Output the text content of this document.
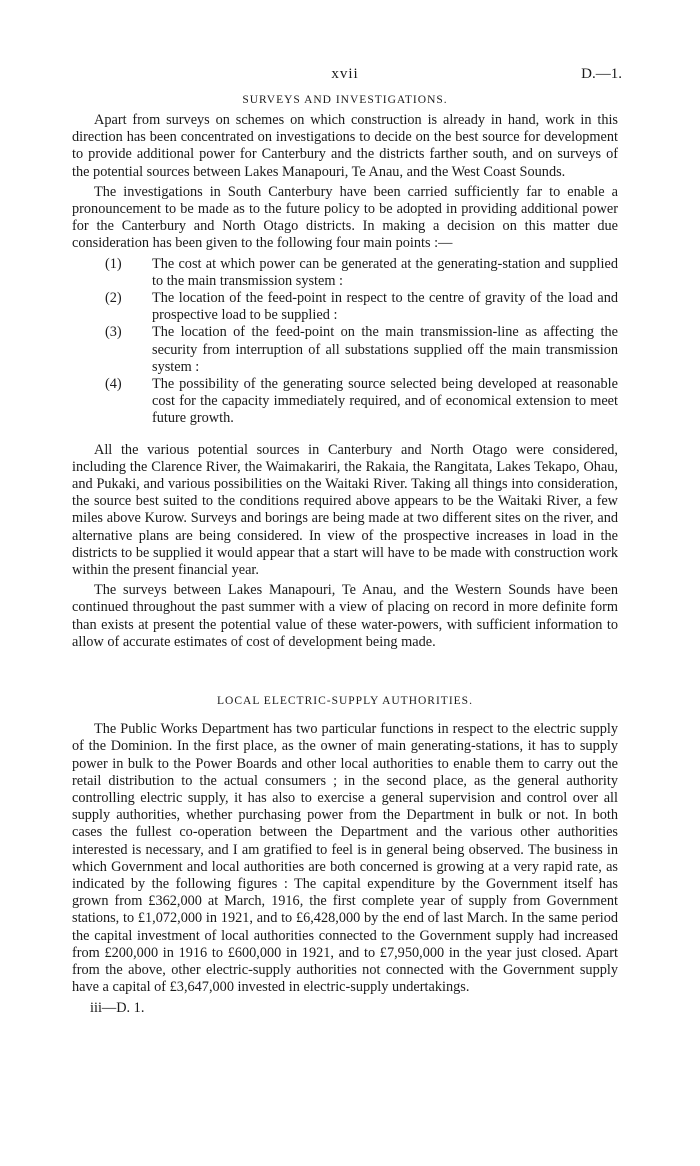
xvii	D.—1.
SURVEYS AND INVESTIGATIONS.

Apart from surveys on schemes on which construction is already in hand, work in this direction has been concentrated on investigations to decide on the best source for development to provide additional power for Canterbury and the districts farther south, and on surveys of the potential sources between Lakes Manapouri, Te Anau, and the West Coast Sounds.

The investigations in South Canterbury have been carried sufficiently far to enable a pronouncement to be made as to the future policy to be adopted in providing additional power for the Canterbury and North Otago districts. In making a decision on this matter due consideration has been given to the following four main points :—

(1) The cost at which power can be generated at the generating-station and supplied to the main transmission system :
(2) The location of the feed-point in respect to the centre of gravity of the load and prospective load to be supplied :
(3) The location of the feed-point on the main transmission-line as affecting the security from interruption of all substations supplied off the main transmission system :
(4) The possibility of the generating source selected being developed at reasonable cost for the capacity immediately required, and of economical extension to meet future growth.

All the various potential sources in Canterbury and North Otago were considered, including the Clarence River, the Waimakariri, the Rakaia, the Rangitata, Lakes Tekapo, Ohau, and Pukaki, and various possibilities on the Waitaki River. Taking all things into consideration, the source best suited to the conditions required above appears to be the Waitaki River, a few miles above Kurow. Surveys and borings are being made at two different sites on the river, and alternative plans are being considered. In view of the prospective increases in load in the districts to be supplied it would appear that a start will have to be made with construction work within the present financial year.

The surveys between Lakes Manapouri, Te Anau, and the Western Sounds have been continued throughout the past summer with a view of placing on record in more definite form than exists at present the potential value of these water-powers, with sufficient information to allow of accurate estimates of cost of development being made.

LOCAL ELECTRIC-SUPPLY AUTHORITIES.

The Public Works Department has two particular functions in respect to the electric supply of the Dominion. In the first place, as the owner of main generating-stations, it has to supply power in bulk to the Power Boards and other local authorities to enable them to carry out the retail distribution to the actual consumers ; in the second place, as the general authority controlling electric supply, it has also to exercise a general supervision and control over all supply authorities, whether purchasing power from the Department in bulk or not. In both cases the fullest co-operation between the Department and the various other authorities interested is necessary, and I am gratified to feel is in general being observed. The business in which Government and local authorities are both concerned is growing at a very rapid rate, as indicated by the following figures : The capital expenditure by the Government itself has grown from £362,000 at March, 1916, the first complete year of supply from Government stations, to £1,072,000 in 1921, and to £6,428,000 by the end of last March. In the same period the capital investment of local authorities connected to the Government supply had increased from £200,000 in 1916 to £600,000 in 1921, and to £7,950,000 in the year just closed. Apart from the above, other electric-supply authorities not connected with the Government supply have a capital of £3,647,000 invested in electric-supply undertakings.

iii—D. 1.
